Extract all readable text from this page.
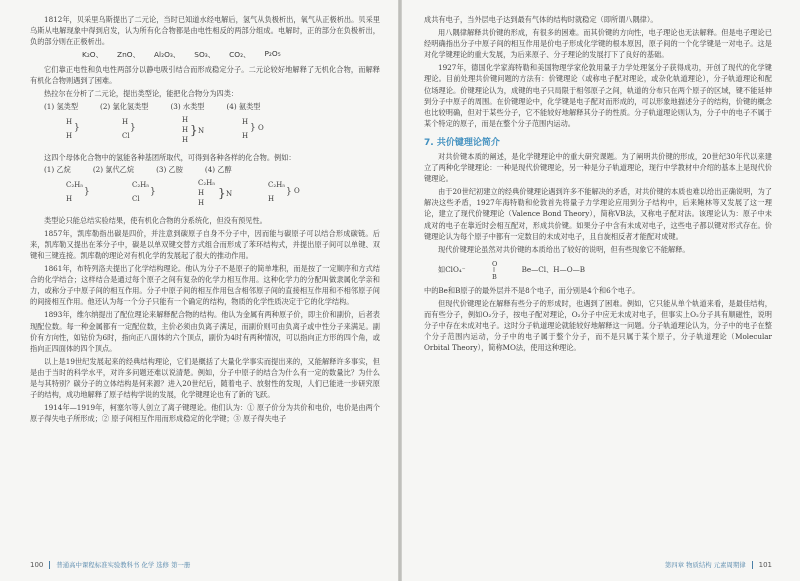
1812年，贝采里乌斯提出了二元论，当时已知道水经电解后，氢气从负极析出，氧气从正极析出。贝采里乌斯从电解现象中得到启发，认为所有化合物都是由电性相反的两部分组成。电解时，正的部分在负极析出，负的部分则在正极析出。

K₂O、 ZnO、 Al₂O₃、 SO₃、 CO₂、 P₂O₅

它们靠正电性和负电性两部分以静电吸引结合而形成稳定分子。二元论较好地解释了无机化合物，而解释有机化合物则遇到了困难。

热拉尔在分析了二元论，提出类型论，能把化合物分为四类：

(1) 氢类型	(2) 氯化氢类型	(3) 水类型	(4) 氨类型
H
}
H
H
}
Cl
H
H
H
} N
H
} O
H

这四个母体化合物中的氢能各种基团所取代，可得到各种各样的化合物。例如：

(1) 乙烷	(2) 氯代乙烷	(3) 乙胺	(4) 乙醇
C₂H₅
}
H
C₂H₅
}
Cl
C₂H₅
H
H
} N
C₂H₅
} O
H

类型论只能总结实验结果，使有机化合物的分系统化，但没有预见性。

1857年，凯库勒指出碳是四价，并注意到碳原子自身不分子中，因而能与碳原子可以结合形成碳链。后来，凯库勒又提出在苯分子中，碳是以单双键交替方式组合而形成了苯环结构式，并提出原子间可以单键、双键和三键连接。凯库勒的理论对有机化学的发展起了很大的推动作用。

1861年，布特列洛夫提出了化学结构理论。他认为分子不是原子的简单堆积，而是按了一定顺序和方式结合的化学结合；这样结合是通过每个原子之间有复杂的化学力相互作用。这种化学力的分配叫做隶属化学亲和力，或称分子中原子间的相互作用。分子中原子间的相互作用包含相邻原子间的直接相互作用和不相邻原子间的间接相互作用。他还认为每一个分子只能有一个确定的结构，物质的化学性质决定于它的化学结构。

1893年，维尔纳提出了配位理论来解释配合物的结构。他认为金属有两种原子价，即主价和副价，后者表现配位数。每一种金属都有一定配位数，主价必须由负离子满足，而副价则可由负离子或中性分子来满足。副价有方向性，如钴价为6时，指向正八面体的六个顶点，副价为4时有两种情况，可以指向正方形的四个角，或指向正四面体的四个顶点。

以上是19世纪发展起来的经典结构理论，它们是概括了大量化学事实而提出来的，又能解释许多事实，但是由于当时的科学水平，对许多问题还难以说清楚。例如，分子中原子的结合为什么有一定的数量比？为什么是与其特别？碳分子的立体结构是何来源？进入20世纪后，随着电子、放射性的发现，人们已能进一步研究原子的结构，成功地解释了原子结构学说的发展，化学键理论也有了新的飞跃。

1914年—1919年，柯塞尔等人创立了离子键理论。他们认为：① 原子价分为共价和电价，电价是由两个原子得失电子所形成；② 原子间相互作用而形成稳定的化学键；③ 原子得失电子

100 普通高中课程标准实验教科书 化学 选修 第一册

成共有电子，当外层电子达到最有气体的结构时就稳定（即所谓八隅律）。

用八隅律解释共价键的形成，有很多的困难。而其价键的方向性，电子理论也无法解释。但是电子理论已经明确指出分子中原子间的相互作用是价电子形成化学键的根本原因，原子间的一个化学键是一对电子。这是对化学键理论的重大发展，为后来原子、分子理论的发展打下了良好的基础。

1927年，德国化学家海特勒和美国物理学家伦敦用量子力学处理氢分子获得成功，开创了现代的化学键理论。目前处理共价键问题的方法有：价键理论（或称电子配对理论，或杂化轨道理论），分子轨道理论和配位场理论。价键理论认为，成键的电子只局限于相邻原子之间，轨道的分布只在两个原子的区域，键不能延伸到分子中原子的周围。在价键理论中，化学键是电子配对而形成的，可以形象地描述分子的结构，价键的概念也比较明确，但对于某些分子，它不能较好地解释其分子的性质。分子轨道理论则认为，分子中的电子不属于某个特定的原子，而是在整个分子范围内运动。

7. 共价键理论简介

对共价键本质的阐述，是化学键理论中的重大研究课题。为了阐明共价键的形成，20世纪30年代以来建立了两种化学键理论：一种是现代价键理论，另一种是分子轨道理论，现行中学教材中介绍的基本上是现代价键理论。

由于20世纪初建立的经典价键理论遇到许多不能解决的矛盾，对共价键的本质也难以给出正确说明，为了解决这些矛盾，1927年海特勒和伦敦首先将量子力学理论应用到分子结构中，后来鲍林等又发展了这一理论，建立了现代价键理论（Valence Bond Theory），简称VB法，又称电子配对法。该理论认为：原子中未成对的电子在靠近时会相互配对，形成共价键。如果分子中含有未成对电子，这些电子都以键对形式存在。价键理论认为每个原子中都有一定数目的未成对电子，且自旋相反者才能配对成键。

现代价键理论虽然对共价键的本质给出了较好的说明，但有些现象它不能解释。

如ClO₄⁻
O
B
Be—Cl、H—O—B

中的Be和B原子的最外层并不是8个电子，而分别是4个和6个电子。

但现代价键理论在解释有些分子的形成时，也遇到了困难。例如，它只能从单个轨道来看，是最佳结构，而有些分子，例如O₂分子，按电子配对理论，O₂分子中应无未成对电子，但事实上O₂分子具有顺磁性，说明分子中存在未成对电子。这时分子轨道理论就能较好地解释这一问题。分子轨道理论认为，分子中的电子在整个分子范围内运动，分子中的电子属于整个分子，而不是只属于某个原子，分子轨道理论（Molecular Orbital Theory），简称MO法，使用这种理论。

第四章 物质结构 元素周期律 101
